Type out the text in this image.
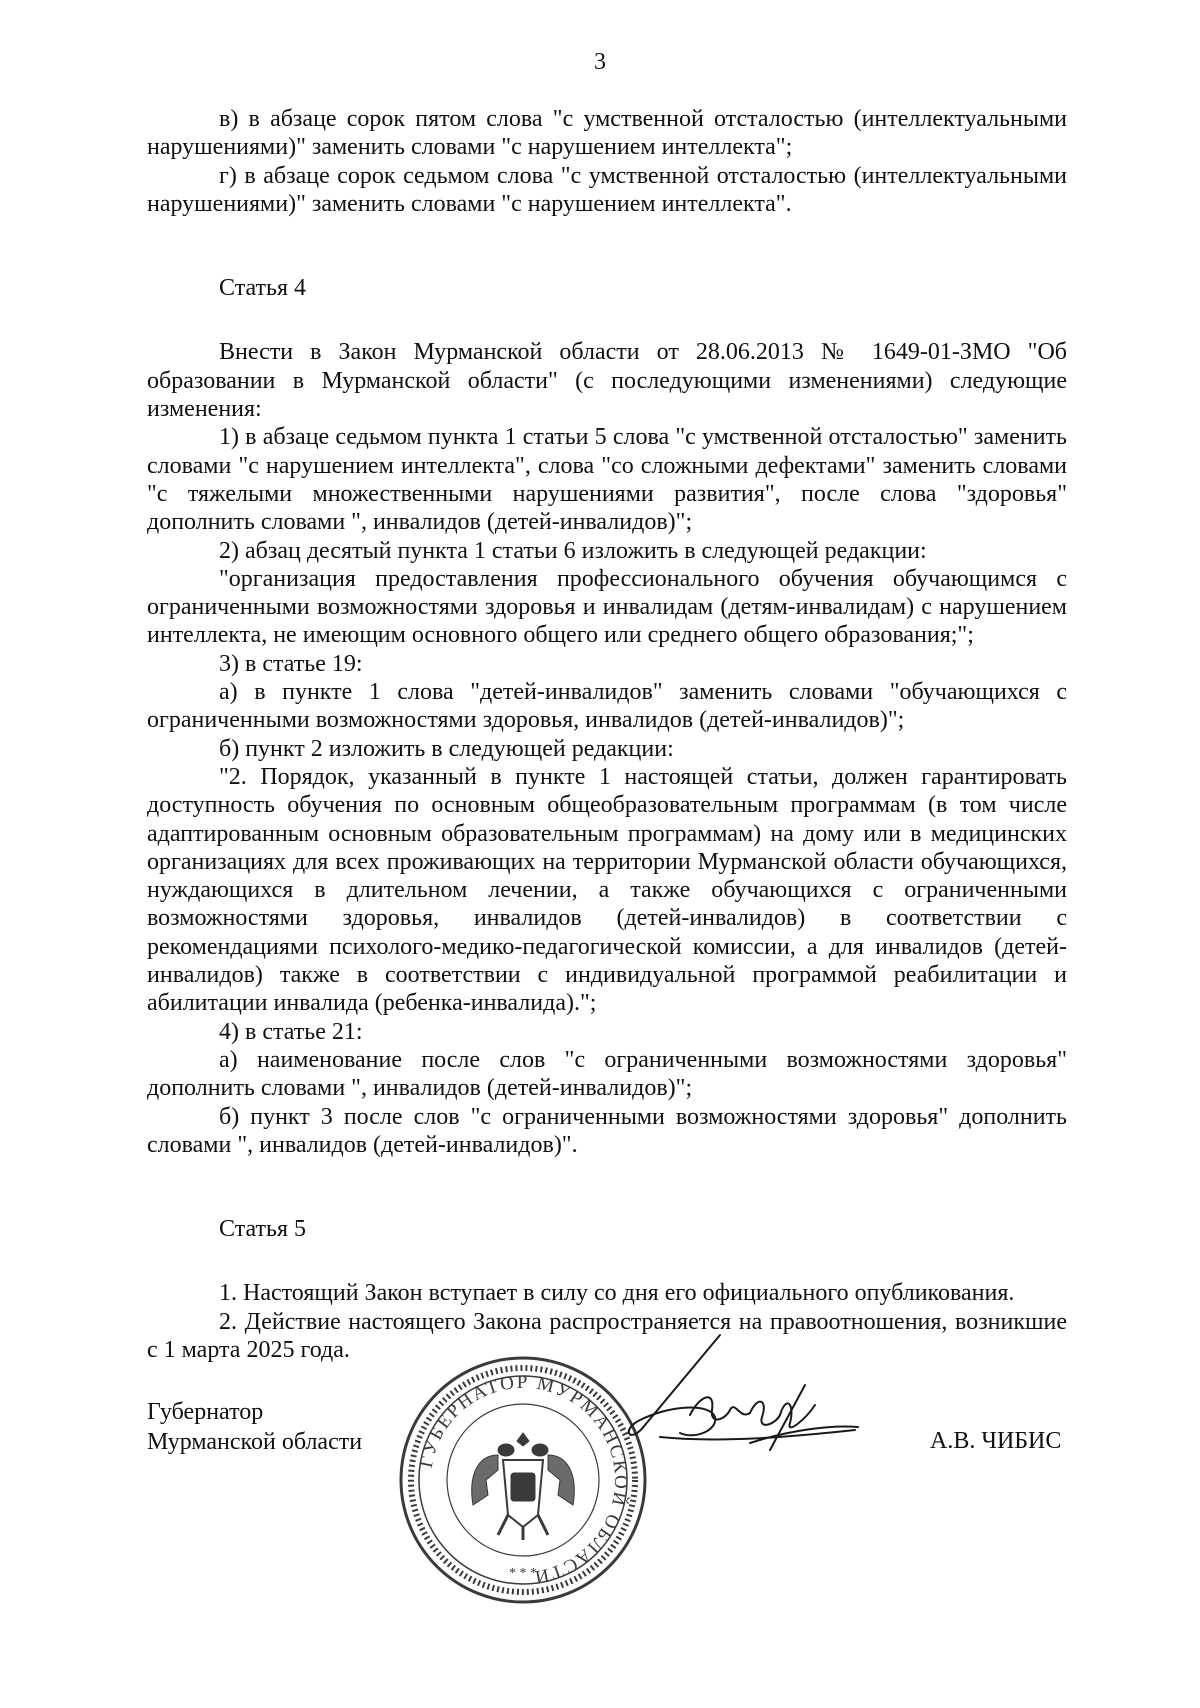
3

в) в абзаце сорок пятом слова "с умственной отсталостью (интеллектуальными нарушениями)" заменить словами "с нарушением интеллекта";

г) в абзаце сорок седьмом слова "с умственной отсталостью (интеллектуальными нарушениями)" заменить словами "с нарушением интеллекта".

Статья 4

Внести в Закон Мурманской области от 28.06.2013 № 1649-01-ЗМО "Об образовании в Мурманской области" (с последующими изменениями) следующие изменения:

1) в абзаце седьмом пункта 1 статьи 5 слова "с умственной отсталостью" заменить словами "с нарушением интеллекта", слова "со сложными дефектами" заменить словами "с тяжелыми множественными нарушениями развития", после слова "здоровья" дополнить словами ", инвалидов (детей-инвалидов)";

2) абзац десятый пункта 1 статьи 6 изложить в следующей редакции:

"организация предоставления профессионального обучения обучающимся с ограниченными возможностями здоровья и инвалидам (детям-инвалидам) с нарушением интеллекта, не имеющим основного общего или среднего общего образования;";

3) в статье 19:

а) в пункте 1 слова "детей-инвалидов" заменить словами "обучающихся с ограниченными возможностями здоровья, инвалидов (детей-инвалидов)";

б) пункт 2 изложить в следующей редакции:

"2. Порядок, указанный в пункте 1 настоящей статьи, должен гарантировать доступность обучения по основным общеобразовательным программам (в том числе адаптированным основным образовательным программам) на дому или в медицинских организациях для всех проживающих на территории Мурманской области обучающихся, нуждающихся в длительном лечении, а также обучающихся с ограниченными возможностями здоровья, инвалидов (детей-инвалидов) в соответствии с рекомендациями психолого-медико-педагогической комиссии, а для инвалидов (детей-инвалидов) также в соответствии с индивидуальной программой реабилитации и абилитации инвалида (ребенка-инвалида).";

4) в статье 21:

а) наименование после слов "с ограниченными возможностями здоровья" дополнить словами ", инвалидов (детей-инвалидов)";

б) пункт 3 после слов "с ограниченными возможностями здоровья" дополнить словами ", инвалидов (детей-инвалидов)".

Статья 5

1. Настоящий Закон вступает в силу со дня его официального опубликования.

2. Действие настоящего Закона распространяется на правоотношения, возникшие с 1 марта 2025 года.

Губернатор
Мурманской области	А.В. ЧИБИС
ГУБЕРНАТОР МУРМАНСКОЙ ОБЛАСТИ
* * *
